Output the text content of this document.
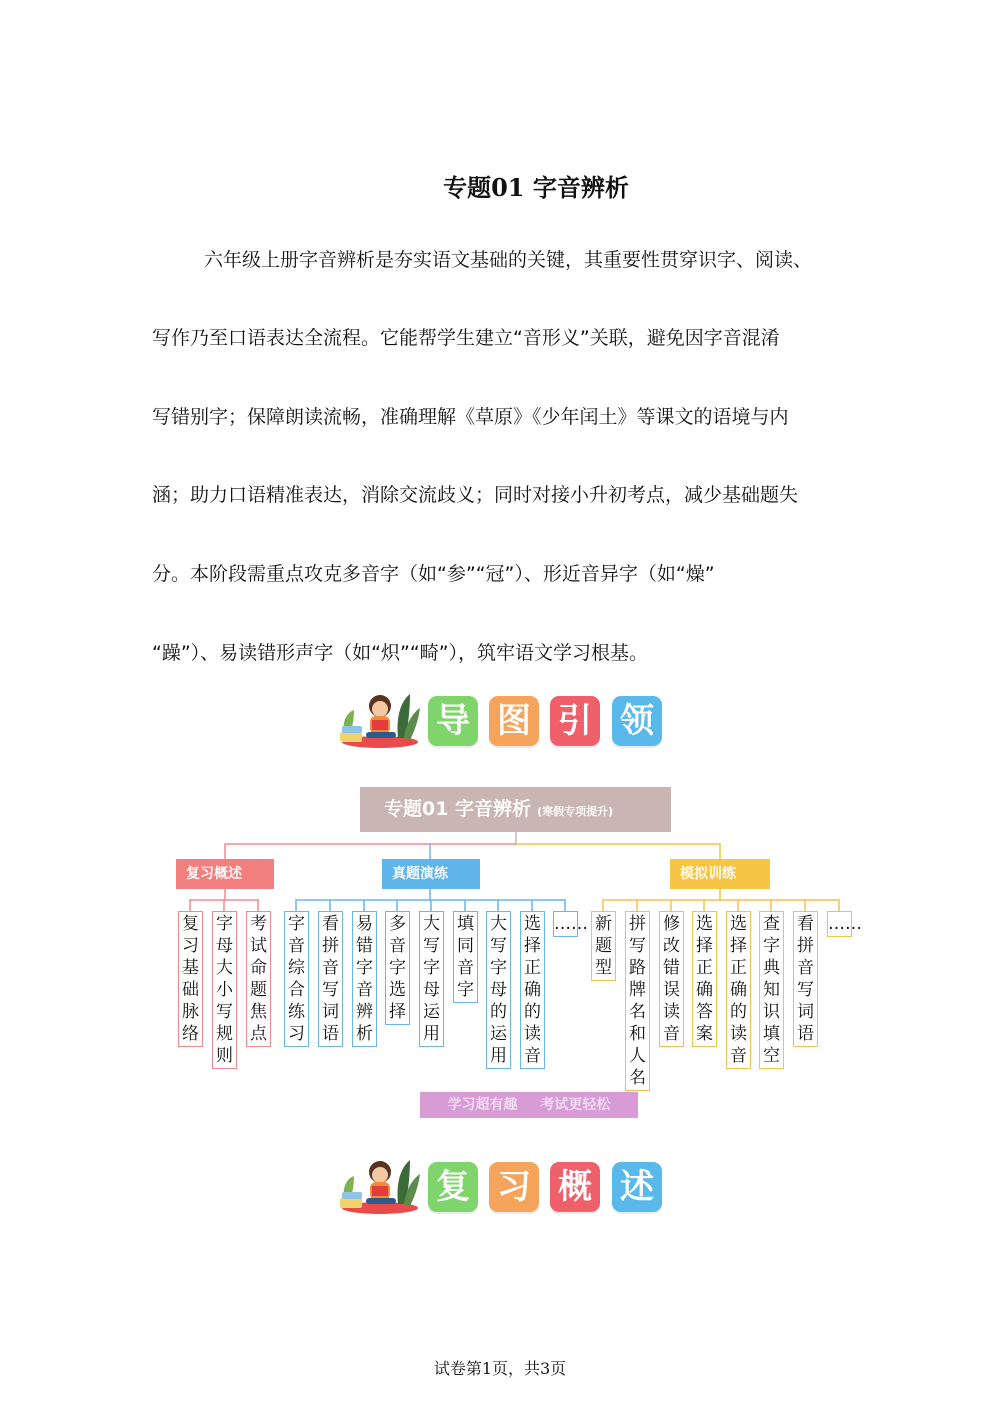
专题01 字音辨析
六年级上册字音辨析是夯实语文基础的关键，其重要性贯穿识字、阅读、
写作乃至口语表达全流程。它能帮学生建立“音形义”关联，避免因字音混淆
写错别字；保障朗读流畅，准确理解《草原》《少年闰土》等课文的语境与内
涵；助力口语精准表达，消除交流歧义；同时对接小升初考点，减少基础题失
分。本阶段需重点攻克多音字（如“参”“冠”）、形近音异字（如“燥”
“躁”）、易读错形声字（如“炽”“畸”），筑牢语文学习根基。
导 图 引 领
专题01 字音辨析 (寒假专项提升)
复习概述	真题演练	模拟训练
复习基础脉络
字母大小写规则
考试命题焦点
字音综合练习
看拼音写词语
易错字音辨析
多音字选择
大写字母运用
填同音字
大写字母的运用
选择正确的读音
…… 新题型
拼写路牌名和人名
修改错误读音
选择正确答案
选择正确的读音
查字典知识填空
看拼音写词语
……
学习超有趣 考试更轻松
复 习 概 述
试卷第1页，共3页
